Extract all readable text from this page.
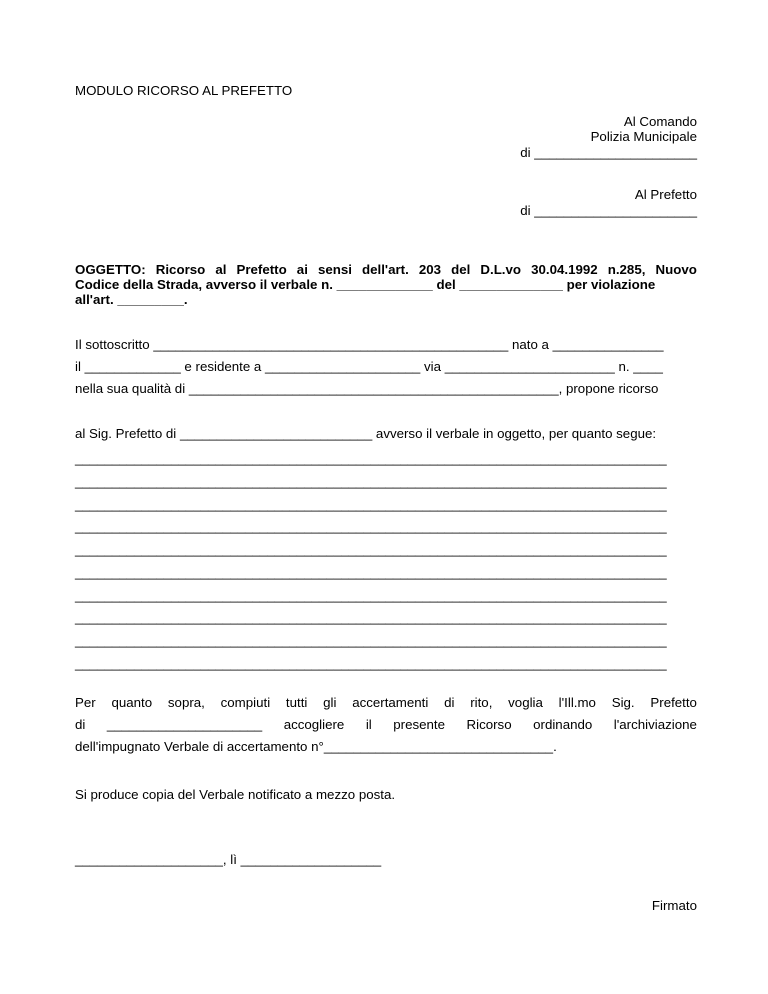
MODULO RICORSO AL PREFETTO
Al Comando
Polizia Municipale
di ______________________
Al Prefetto
di ______________________
OGGETTO: Ricorso al Prefetto ai sensi dell'art. 203 del D.L.vo 30.04.1992 n.285, Nuovo
Codice della Strada, avverso il verbale n. _____________ del ______________ per violazione
all'art. _________.
Il sottoscritto ________________________________________________ nato a _______________
il _____________ e residente a _____________________ via _______________________ n. ____
nella sua qualità di __________________________________________________, propone ricorso
al Sig. Prefetto di __________________________ avverso il verbale in oggetto, per quanto segue:
________________________________________________________________________________
________________________________________________________________________________
________________________________________________________________________________
________________________________________________________________________________
________________________________________________________________________________
________________________________________________________________________________
________________________________________________________________________________
________________________________________________________________________________
________________________________________________________________________________
________________________________________________________________________________
Per quanto sopra, compiuti tutti gli accertamenti di rito, voglia l'Ill.mo Sig. Prefetto
di _____________________ accogliere il presente Ricorso ordinando l'archiviazione
dell'impugnato Verbale di accertamento n°_______________________________.
Si produce copia del Verbale notificato a mezzo posta.
____________________, lì ___________________
Firmato
